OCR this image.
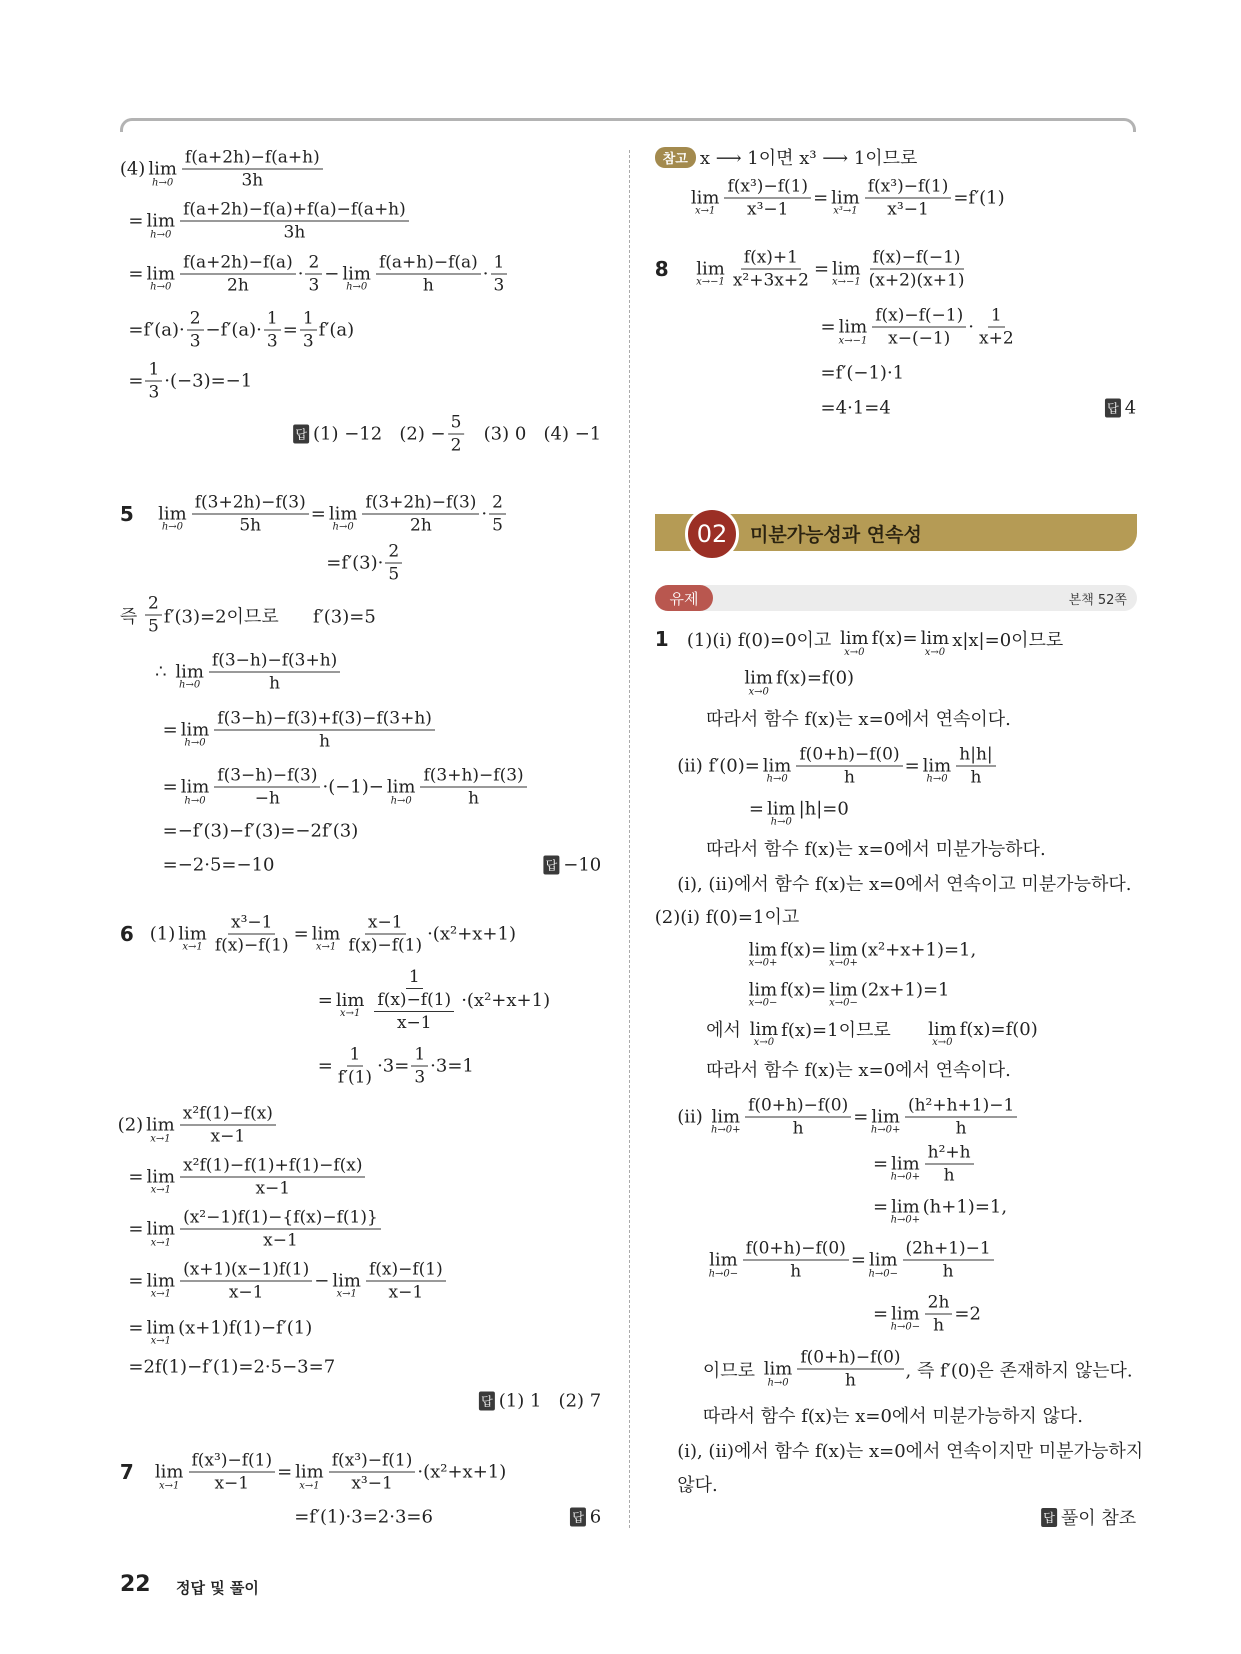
(4) lim
$h\to 0 \frac{f(a+2h)-f(a+h)}{3h}$
= lim
$h\to 0 \frac{f(a+2h)-f(a)+f(a)-f(a+h)}{3h}$
= lim
$h\to 0 \frac{f(a+2h)-f(a)}{2h} \cdot \frac{2}{3} - \lim$
$h\to 0 \frac{f(a+h)-f(a)}{h} \cdot \frac{1}{3}$
$=f'(a)\cdot \frac{2}{3} -f'(a)\cdot \frac{1}{3} = \frac{1}{3} f'(a)$
= $\frac{1}{3} \cdot(-3)=-1$
답 (1) −12   $(2) - \frac{5}{2} (3)$ 0   (4) −1
5 lim
$h\to 0 \frac{f(3+2h)-f(3)}{5h} = \lim$
$h\to 0 \frac{f(3+2h)-f(3)}{2h} \cdot \frac{2}{5}$
$=f'(3)\cdot \frac{2}{5}$
즉 $\frac{2}{5} f'(3)=2$이므로      f′(3)=5
∴ lim
$h\to 0 \frac{f(3-h)-f(3+h)}{h}$
= lim
$h\to 0 \frac{f(3-h)-f(3)+f(3)-f(3+h)}{h}$
= lim
$h\to 0 \frac{f(3-h)-f(3)}{-h} \cdot(-1)- \lim$
$h\to 0 \frac{f(3+h)-f(3)}{h}$
=−f′(3)−f′(3)=−2f′(3)
=−2·5=−10	답 −10
6 (1) lim
$x\to 1 \frac{\text{x³−1}}{f(x)-f(1)} = \lim$
$x\to 1 \frac{x-1}{f(x)-f(1)} \cdot(x^2+x+1)$
= lim
$x\to 1 \frac{1}{\frac{f(x)-f(1)}{x-1}} \cdot(x^2+x+1)$
= $\frac{1}{f'(1)} \cdot 3= \frac{1}{3} \cdot 3=1$
(2) lim
$x\to 1 \frac{\text{x²f(1)−f(x)}}{x-1}$
= lim
$x\to 1 \frac{\text{x²f(1)−f(1)+f(1)−f(x)}}{x-1}$
= lim
$x\to 1 \frac{\text{(x²−1)f(1)−\{f(x)−f(1)\}}}{x-1}$
= lim
$x\to 1 \frac{(x+1)(x-1)f(1)}{x-1} - \lim$
$x\to 1 \frac{f(x)-f(1)}{x-1}$
= lim
x→1
(x+1)f(1)−f′(1)
=2f(1)−f′(1)=2·5−3=7
답 (1) 1   (2) 7
7 lim
$x\to 1 \frac{\text{f(x³)−f(1)}}{x-1} = \lim$
$x\to 1 \frac{\text{f(x³)−f(1)}}{\text{x³−1}} \cdot(x^2+x+1)$
=f′(1)·3=2·3=6	답 6
참고 x ⟶ 1이면 x³ ⟶ 1이므로
lim
$x\to 1 \frac{\text{f(x³)−f(1)}}{\text{x³−1}} = \lim$
$x^3\to 1 \frac{\text{f(x³)−f(1)}}{\text{x³−1}} =f'(1)$
8 lim
$x\to-1 \frac{f(x)+1}{\text{x²+3x+2}} = \lim$
$x\to-1 \frac{f(x)-f(-1)}{(x+2)(x+1)}$
= lim
$x\to-1 \frac{f(x)-f(-1)}{x-(-1)} \cdot \frac{1}{x+2}$
=f′(−1)·1
=4·1=4	답 4
1 (1)(i) f(0)=0이고 lim
x→0
f(x)= lim
x→0
x|x|=0이므로
lim
x→0
f(x)=f(0)
따라서 함수 f(x)는 x=0에서 연속이다.
(ii) f′(0)= lim
$h\to 0 \frac{f(0+h)-f(0)}{h} = \lim$
$h\to 0 \frac{h|h|}{h}$
= lim
h→0
|h|=0
따라서 함수 f(x)는 x=0에서 미분가능하다.
(i), (ii)에서 함수 f(x)는 x=0에서 연속이고 미분가능하다.
(2)(i) f(0)=1이고
lim
x→0+
f(x)= lim
x→0+
(x²+x+1)=1,
lim
x→0−
f(x)= lim
x→0−
(2x+1)=1
에서 lim
x→0
f(x)=1이므로 lim
x→0
f(x)=f(0)
따라서 함수 f(x)는 x=0에서 연속이다.
(ii) lim
$h\to 0+ \frac{f(0+h)-f(0)}{h} = \lim$
$h\to 0+ \frac{\text{(h²+h+1)−1}}{h}$
= lim
$h\to 0+ \frac{\text{h²+h}}{h}$
= lim
h→0+
(h+1)=1,
lim
$h\to 0- \frac{f(0+h)-f(0)}{h} = \lim$
$h\to 0- \frac{(2h+1)-1}{h}$
= lim
$h\to 0- \frac{2h}{h} =2$
이므로 lim
$h\to 0 \frac{f(0+h)-f(0)}{h}$ , 즉 f′(0)은 존재하지 않는다.
따라서 함수 f(x)는 x=0에서 미분가능하지 않다.
(i), (ii)에서 함수 f(x)는 x=0에서 연속이지만 미분가능하지
않다.
답 풀이 참조
02	미분가능성과 연속성
유제	본책 52쪽
22 정답 및 풀이
